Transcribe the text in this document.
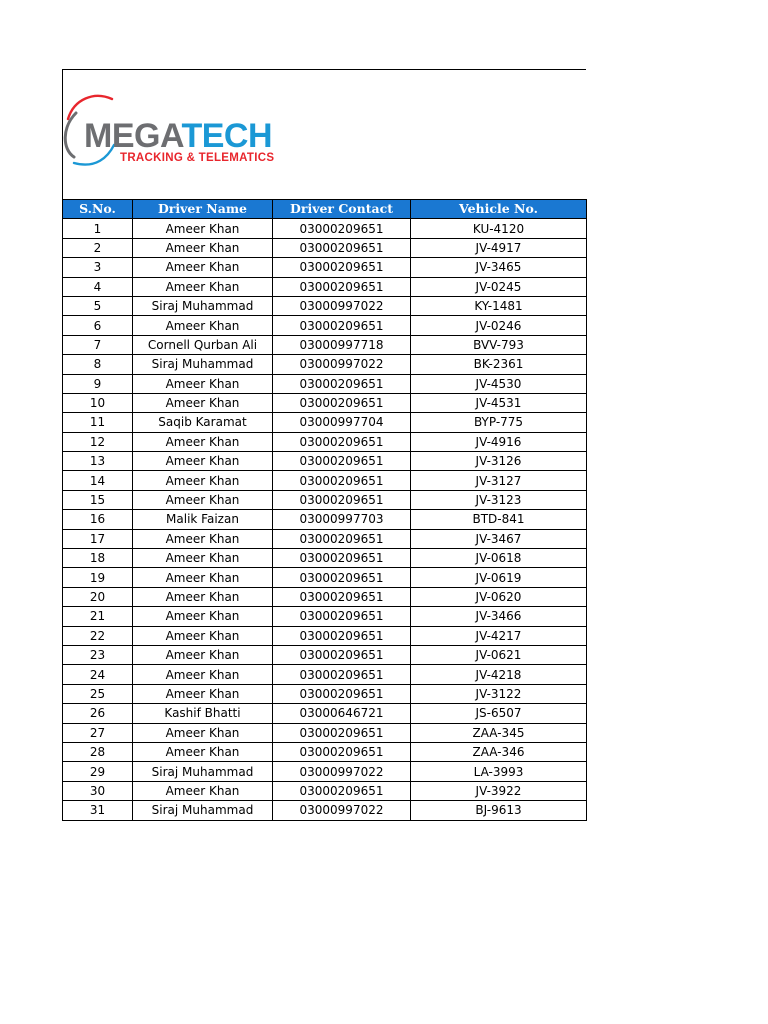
MEGATECH
TRACKING & TELEMATICS
S.No.	Driver Name	Driver Contact	Vehicle No.
1	Ameer Khan	03000209651	KU-4120
2	Ameer Khan	03000209651	JV-4917
3	Ameer Khan	03000209651	JV-3465
4	Ameer Khan	03000209651	JV-0245
5	Siraj Muhammad	03000997022	KY-1481
6	Ameer Khan	03000209651	JV-0246
7	Cornell Qurban Ali	03000997718	BVV-793
8	Siraj Muhammad	03000997022	BK-2361
9	Ameer Khan	03000209651	JV-4530
10	Ameer Khan	03000209651	JV-4531
11	Saqib Karamat	03000997704	BYP-775
12	Ameer Khan	03000209651	JV-4916
13	Ameer Khan	03000209651	JV-3126
14	Ameer Khan	03000209651	JV-3127
15	Ameer Khan	03000209651	JV-3123
16	Malik Faizan	03000997703	BTD-841
17	Ameer Khan	03000209651	JV-3467
18	Ameer Khan	03000209651	JV-0618
19	Ameer Khan	03000209651	JV-0619
20	Ameer Khan	03000209651	JV-0620
21	Ameer Khan	03000209651	JV-3466
22	Ameer Khan	03000209651	JV-4217
23	Ameer Khan	03000209651	JV-0621
24	Ameer Khan	03000209651	JV-4218
25	Ameer Khan	03000209651	JV-3122
26	Kashif Bhatti	03000646721	JS-6507
27	Ameer Khan	03000209651	ZAA-345
28	Ameer Khan	03000209651	ZAA-346
29	Siraj Muhammad	03000997022	LA-3993
30	Ameer Khan	03000209651	JV-3922
31	Siraj Muhammad	03000997022	BJ-9613
